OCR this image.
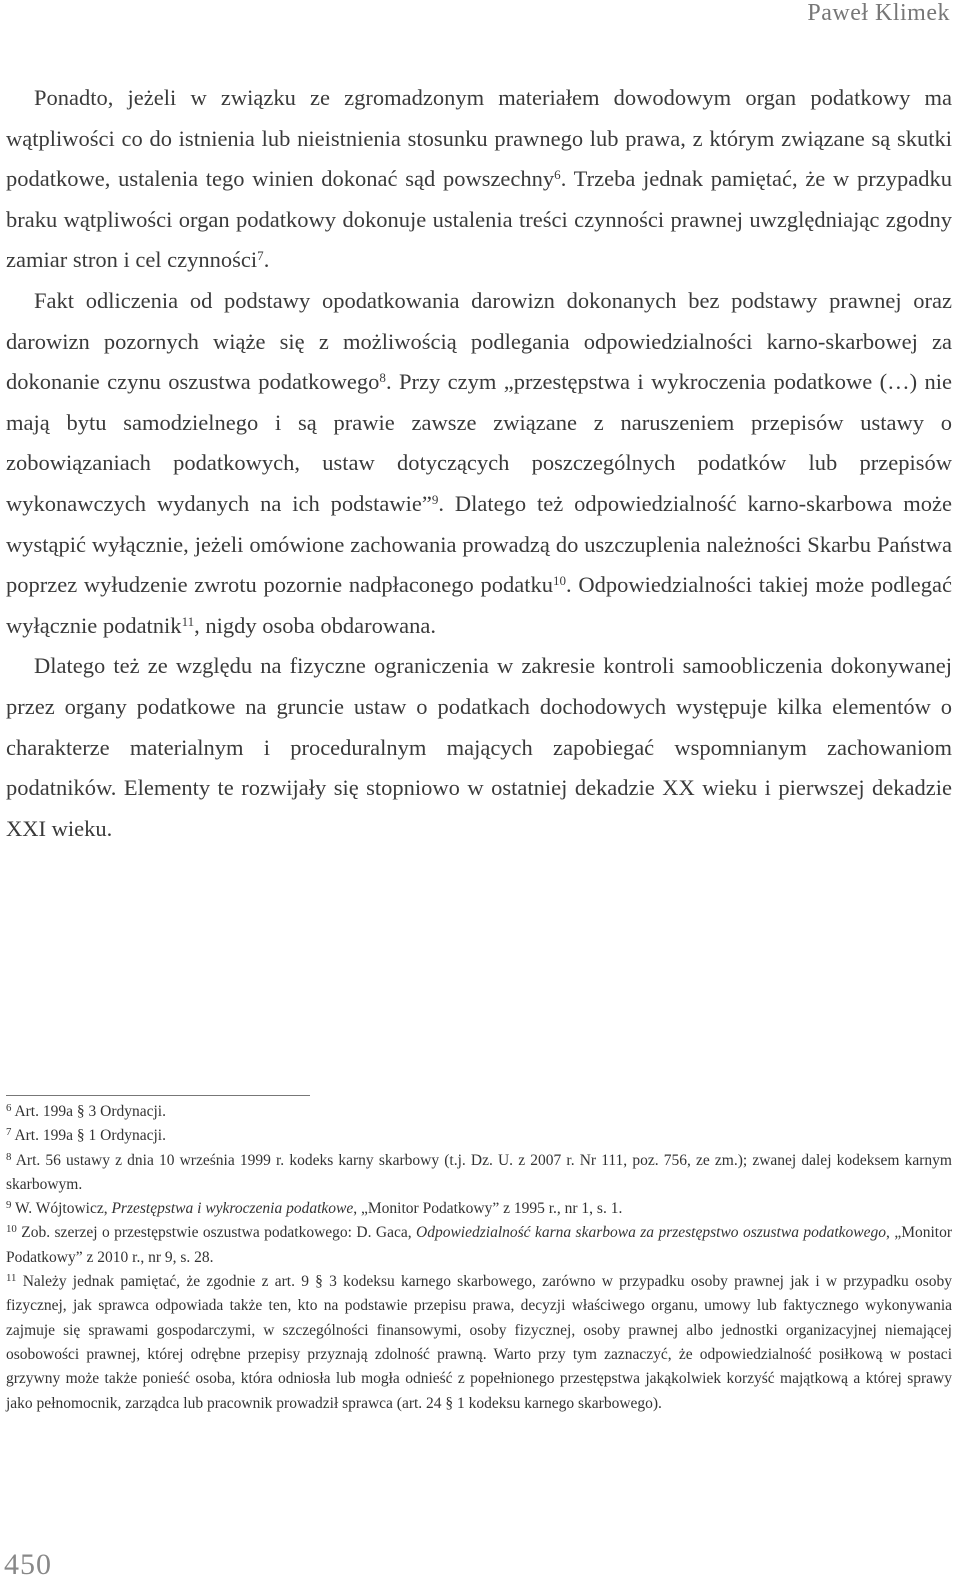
Paweł Klimek

Ponadto, jeżeli w związku ze zgromadzonym materiałem dowodowym organ podatkowy ma wątpliwości co do istnienia lub nieistnienia stosunku prawnego lub prawa, z którym związane są skutki podatkowe, ustalenia tego winien dokonać sąd powszechny$^6$. Trzeba jednak pamiętać, że w przypadku braku wątpliwości organ podatkowy dokonuje ustalenia treści czynności prawnej uwzględniając zgodny zamiar stron i cel czynności$^7$.

Fakt odliczenia od podstawy opodatkowania darowizn dokonanych bez podstawy prawnej oraz darowizn pozornych wiąże się z możliwością podlegania odpowiedzialności karno-skarbowej za dokonanie czynu oszustwa podatkowego$^8$. Przy czym „przestępstwa i wykroczenia podatkowe (…) nie mają bytu samodzielnego i są prawie zawsze związane z naruszeniem przepisów ustawy o zobowiązaniach podatkowych, ustaw dotyczących poszczególnych podatków lub przepisów wykonawczych wydanych na ich podstawie”$^9$. Dlatego też odpowiedzialność karno-skarbowa może wystąpić wyłącznie, jeżeli omówione zachowania prowadzą do uszczuplenia należności Skarbu Państwa poprzez wyłudzenie zwrotu pozornie nadpłaconego podatku$^{10}$. Odpowiedzialności takiej może podlegać wyłącznie podatnik$^{11}$, nigdy osoba obdarowana.

Dlatego też ze względu na fizyczne ograniczenia w zakresie kontroli samoobliczenia dokonywanej przez organy podatkowe na gruncie ustaw o podatkach dochodowych występuje kilka elementów o charakterze materialnym i proceduralnym mających zapobiegać wspomnianym zachowaniom podatników. Elementy te rozwijały się stopniowo w ostatniej dekadzie XX wieku i pierwszej dekadzie XXI wieku.

$^6$ Art. 199a § 3 Ordynacji.

$^7$ Art. 199a § 1 Ordynacji.

$^8$ Art. 56 ustawy z dnia 10 września 1999 r. kodeks karny skarbowy (t.j. Dz. U. z 2007 r. Nr 111, poz. 756, ze zm.); zwanej dalej kodeksem karnym skarbowym.

$^9$ W. Wójtowicz, Przestępstwa i wykroczenia podatkowe, „Monitor Podatkowy” z 1995 r., nr 1, s. 1.

$^{10}$ Zob. szerzej o przestępstwie oszustwa podatkowego: D. Gaca, Odpowiedzialność karna skarbowa za przestępstwo oszustwa podatkowego, „Monitor Podatkowy” z 2010 r., nr 9, s. 28.

$^{11}$ Należy jednak pamiętać, że zgodnie z art. 9 § 3 kodeksu karnego skarbowego, zarówno w przypadku osoby prawnej jak i w przypadku osoby fizycznej, jak sprawca odpowiada także ten, kto na podstawie przepisu prawa, decyzji właściwego organu, umowy lub faktycznego wykonywania zajmuje się sprawami gospodarczymi, w szczególności finansowymi, osoby fizycznej, osoby prawnej albo jednostki organizacyjnej niemającej osobowości prawnej, której odrębne przepisy przyznają zdolność prawną. Warto przy tym zaznaczyć, że odpowiedzialność posiłkową w postaci grzywny może także ponieść osoba, która odniosła lub mogła odnieść z popełnionego przestępstwa jakąkolwiek korzyść majątkową a której sprawy jako pełnomocnik, zarządca lub pracownik prowadził sprawca (art. 24 § 1 kodeksu karnego skarbowego).

450
